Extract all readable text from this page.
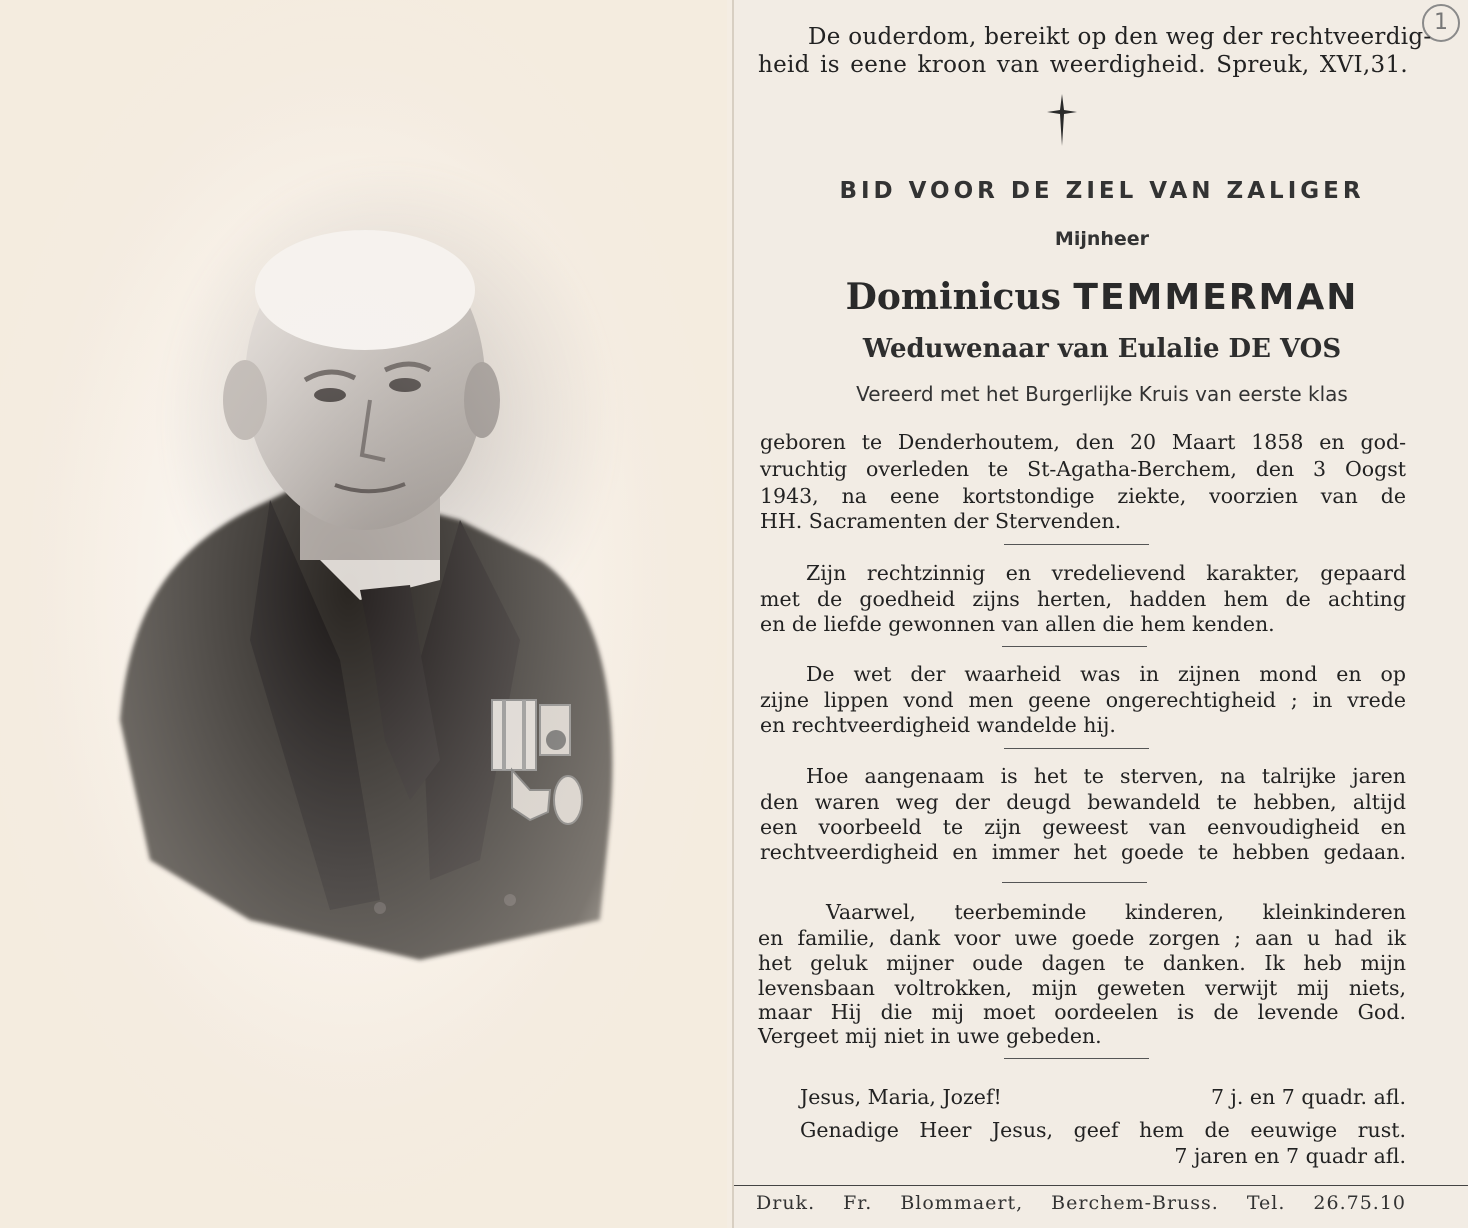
1
De ouderdom, bereikt op den weg der rechtveerdig-
heid is eene kroon van weerdigheid. Spreuk, XVI,31.
BID VOOR DE ZIEL VAN ZALIGER
Mijnheer
Dominicus TEMMERMAN
Weduwenaar van Eulalie DE VOS
Vereerd met het Burgerlijke Kruis van eerste klas
geboren te Denderhoutem, den 20 Maart 1858 en god-
vruchtig overleden te St-Agatha-Berchem, den 3 Oogst
1943, na eene kortstondige ziekte, voorzien van de
HH. Sacramenten der Stervenden.
Zijn rechtzinnig en vredelievend karakter, gepaard
met de goedheid zijns herten, hadden hem de achting
en de liefde gewonnen van allen die hem kenden.
De wet der waarheid was in zijnen mond en op
zijne lippen vond men geene ongerechtigheid ; in vrede
en rechtveerdigheid wandelde hij.
Hoe aangenaam is het te sterven, na talrijke jaren
den waren weg der deugd bewandeld te hebben, altijd
een voorbeeld te zijn geweest van eenvoudigheid en
rechtveerdigheid en immer het goede te hebben gedaan.
Vaarwel, teerbeminde kinderen, kleinkinderen
en familie, dank voor uwe goede zorgen ; aan u had ik
het geluk mijner oude dagen te danken. Ik heb mijn
levensbaan voltrokken, mijn geweten verwijt mij niets,
maar Hij die mij moet oordeelen is de levende God.
Vergeet mij niet in uwe gebeden.
Jesus, Maria, Jozef!	7 j. en 7 quadr. afl.
Genadige Heer Jesus, geef hem de eeuwige rust.
7 jaren en 7 quadr afl.
Druk. Fr. Blommaert, Berchem-Bruss. Tel. 26.75.10
